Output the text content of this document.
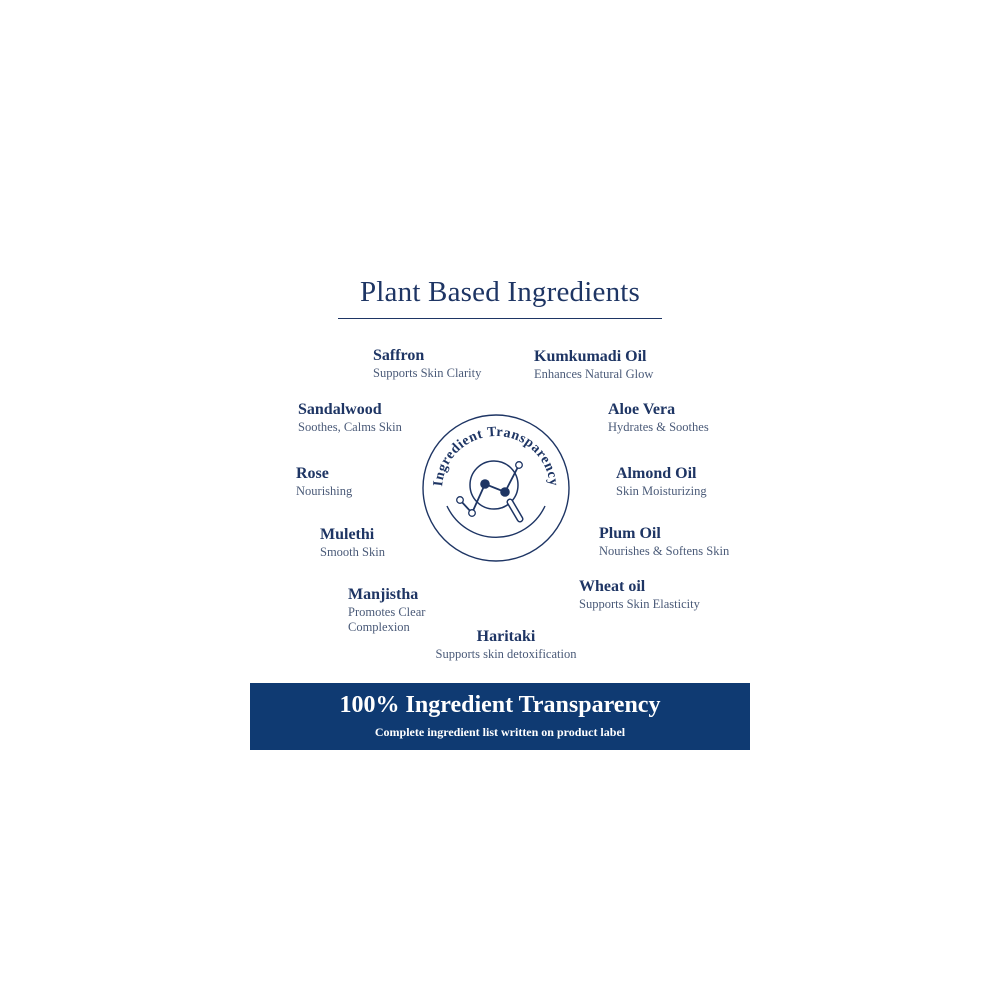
Plant Based Ingredients
Saffron
Supports Skin Clarity
Kumkumadi Oil
Enhances Natural Glow
Sandalwood
Soothes, Calms Skin
Aloe Vera
Hydrates & Soothes
Rose
Nourishing
Almond Oil
Skin Moisturizing
Mulethi
Smooth Skin
Plum Oil
Nourishes & Softens Skin
Manjistha
Promotes Clear Complexion
Wheat oil
Supports Skin Elasticity
Haritaki
Supports skin detoxification
Ingredient Transparency
100% Ingredient Transparency
Complete ingredient list written on product label
